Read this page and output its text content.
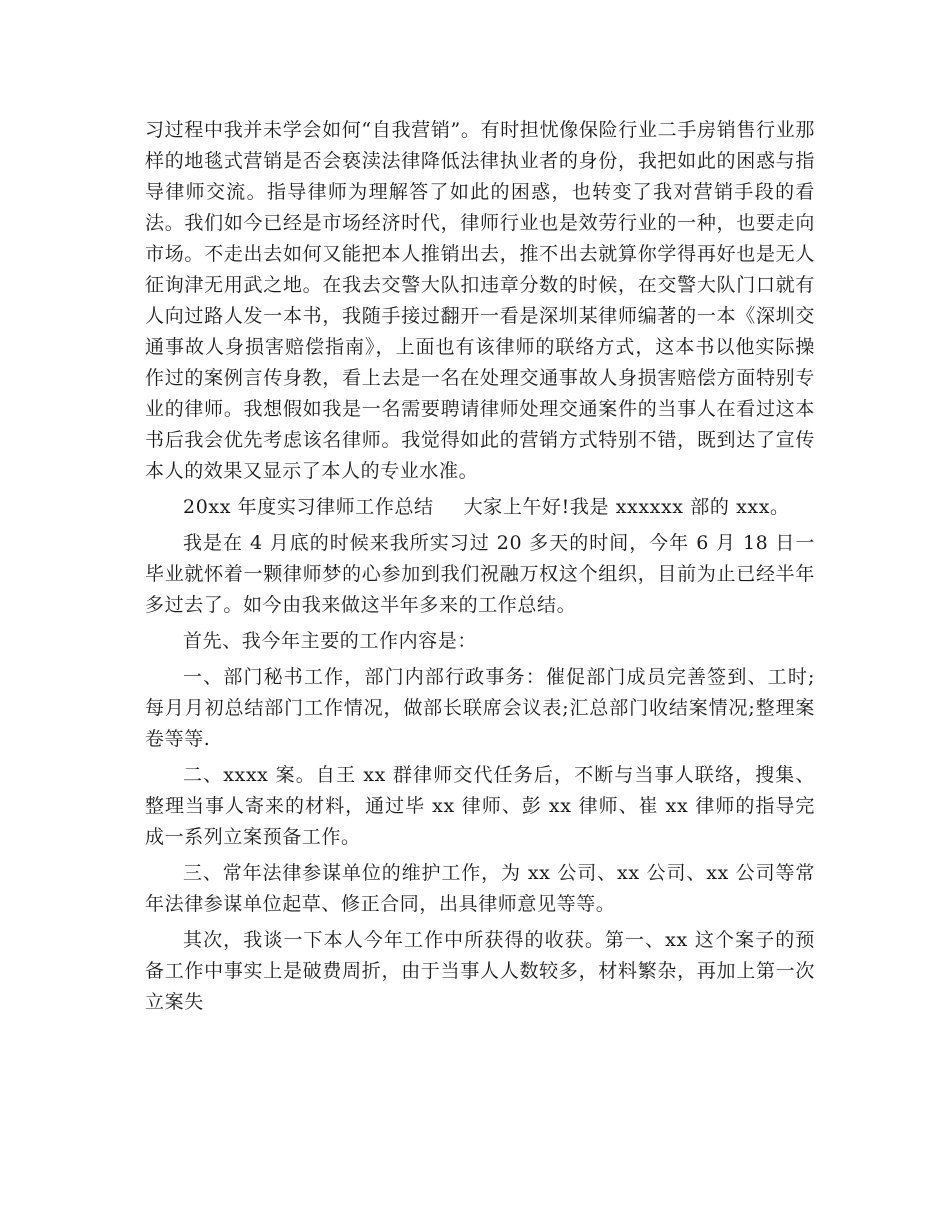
习过程中我并未学会如何“自我营销”。有时担忧像保险行业二手房销售行业那样的地毯式营销是否会亵渎法律降低法律执业者的身份，我把如此的困惑与指导律师交流。指导律师为理解答了如此的困惑，也转变了我对营销手段的看法。我们如今已经是市场经济时代，律师行业也是效劳行业的一种，也要走向市场。不走出去如何又能把本人推销出去，推不出去就算你学得再好也是无人征询津无用武之地。在我去交警大队扣违章分数的时候，在交警大队门口就有人向过路人发一本书，我随手接过翻开一看是深圳某律师编著的一本《深圳交通事故人身损害赔偿指南》，上面也有该律师的联络方式，这本书以他实际操作过的案例言传身教，看上去是一名在处理交通事故人身损害赔偿方面特别专业的律师。我想假如我是一名需要聘请律师处理交通案件的当事人在看过这本书后我会优先考虑该名律师。我觉得如此的营销方式特别不错，既到达了宣传本人的效果又显示了本人的专业水准。

20xx 年度实习律师工作总结 大家上午好!我是 xxxxxx 部的 xxx。

我是在 4 月底的时候来我所实习过 20 多天的时间，今年 6 月 18 日一毕业就怀着一颗律师梦的心参加到我们祝融万权这个组织，目前为止已经半年多过去了。如今由我来做这半年多来的工作总结。

首先、我今年主要的工作内容是：

一、部门秘书工作，部门内部行政事务：催促部门成员完善签到、工时;每月月初总结部门工作情况，做部长联席会议表;汇总部门收结案情况;整理案卷等等.

二、xxxx 案。自王 xx 群律师交代任务后，不断与当事人联络，搜集、整理当事人寄来的材料，通过毕 xx 律师、彭 xx 律师、崔 xx 律师的指导完成一系列立案预备工作。

三、常年法律参谋单位的维护工作，为 xx 公司、xx 公司、xx 公司等常年法律参谋单位起草、修正合同，出具律师意见等等。

其次，我谈一下本人今年工作中所获得的收获。第一、xx 这个案子的预备工作中事实上是破费周折，由于当事人人数较多，材料繁杂，再加上第一次立案失
